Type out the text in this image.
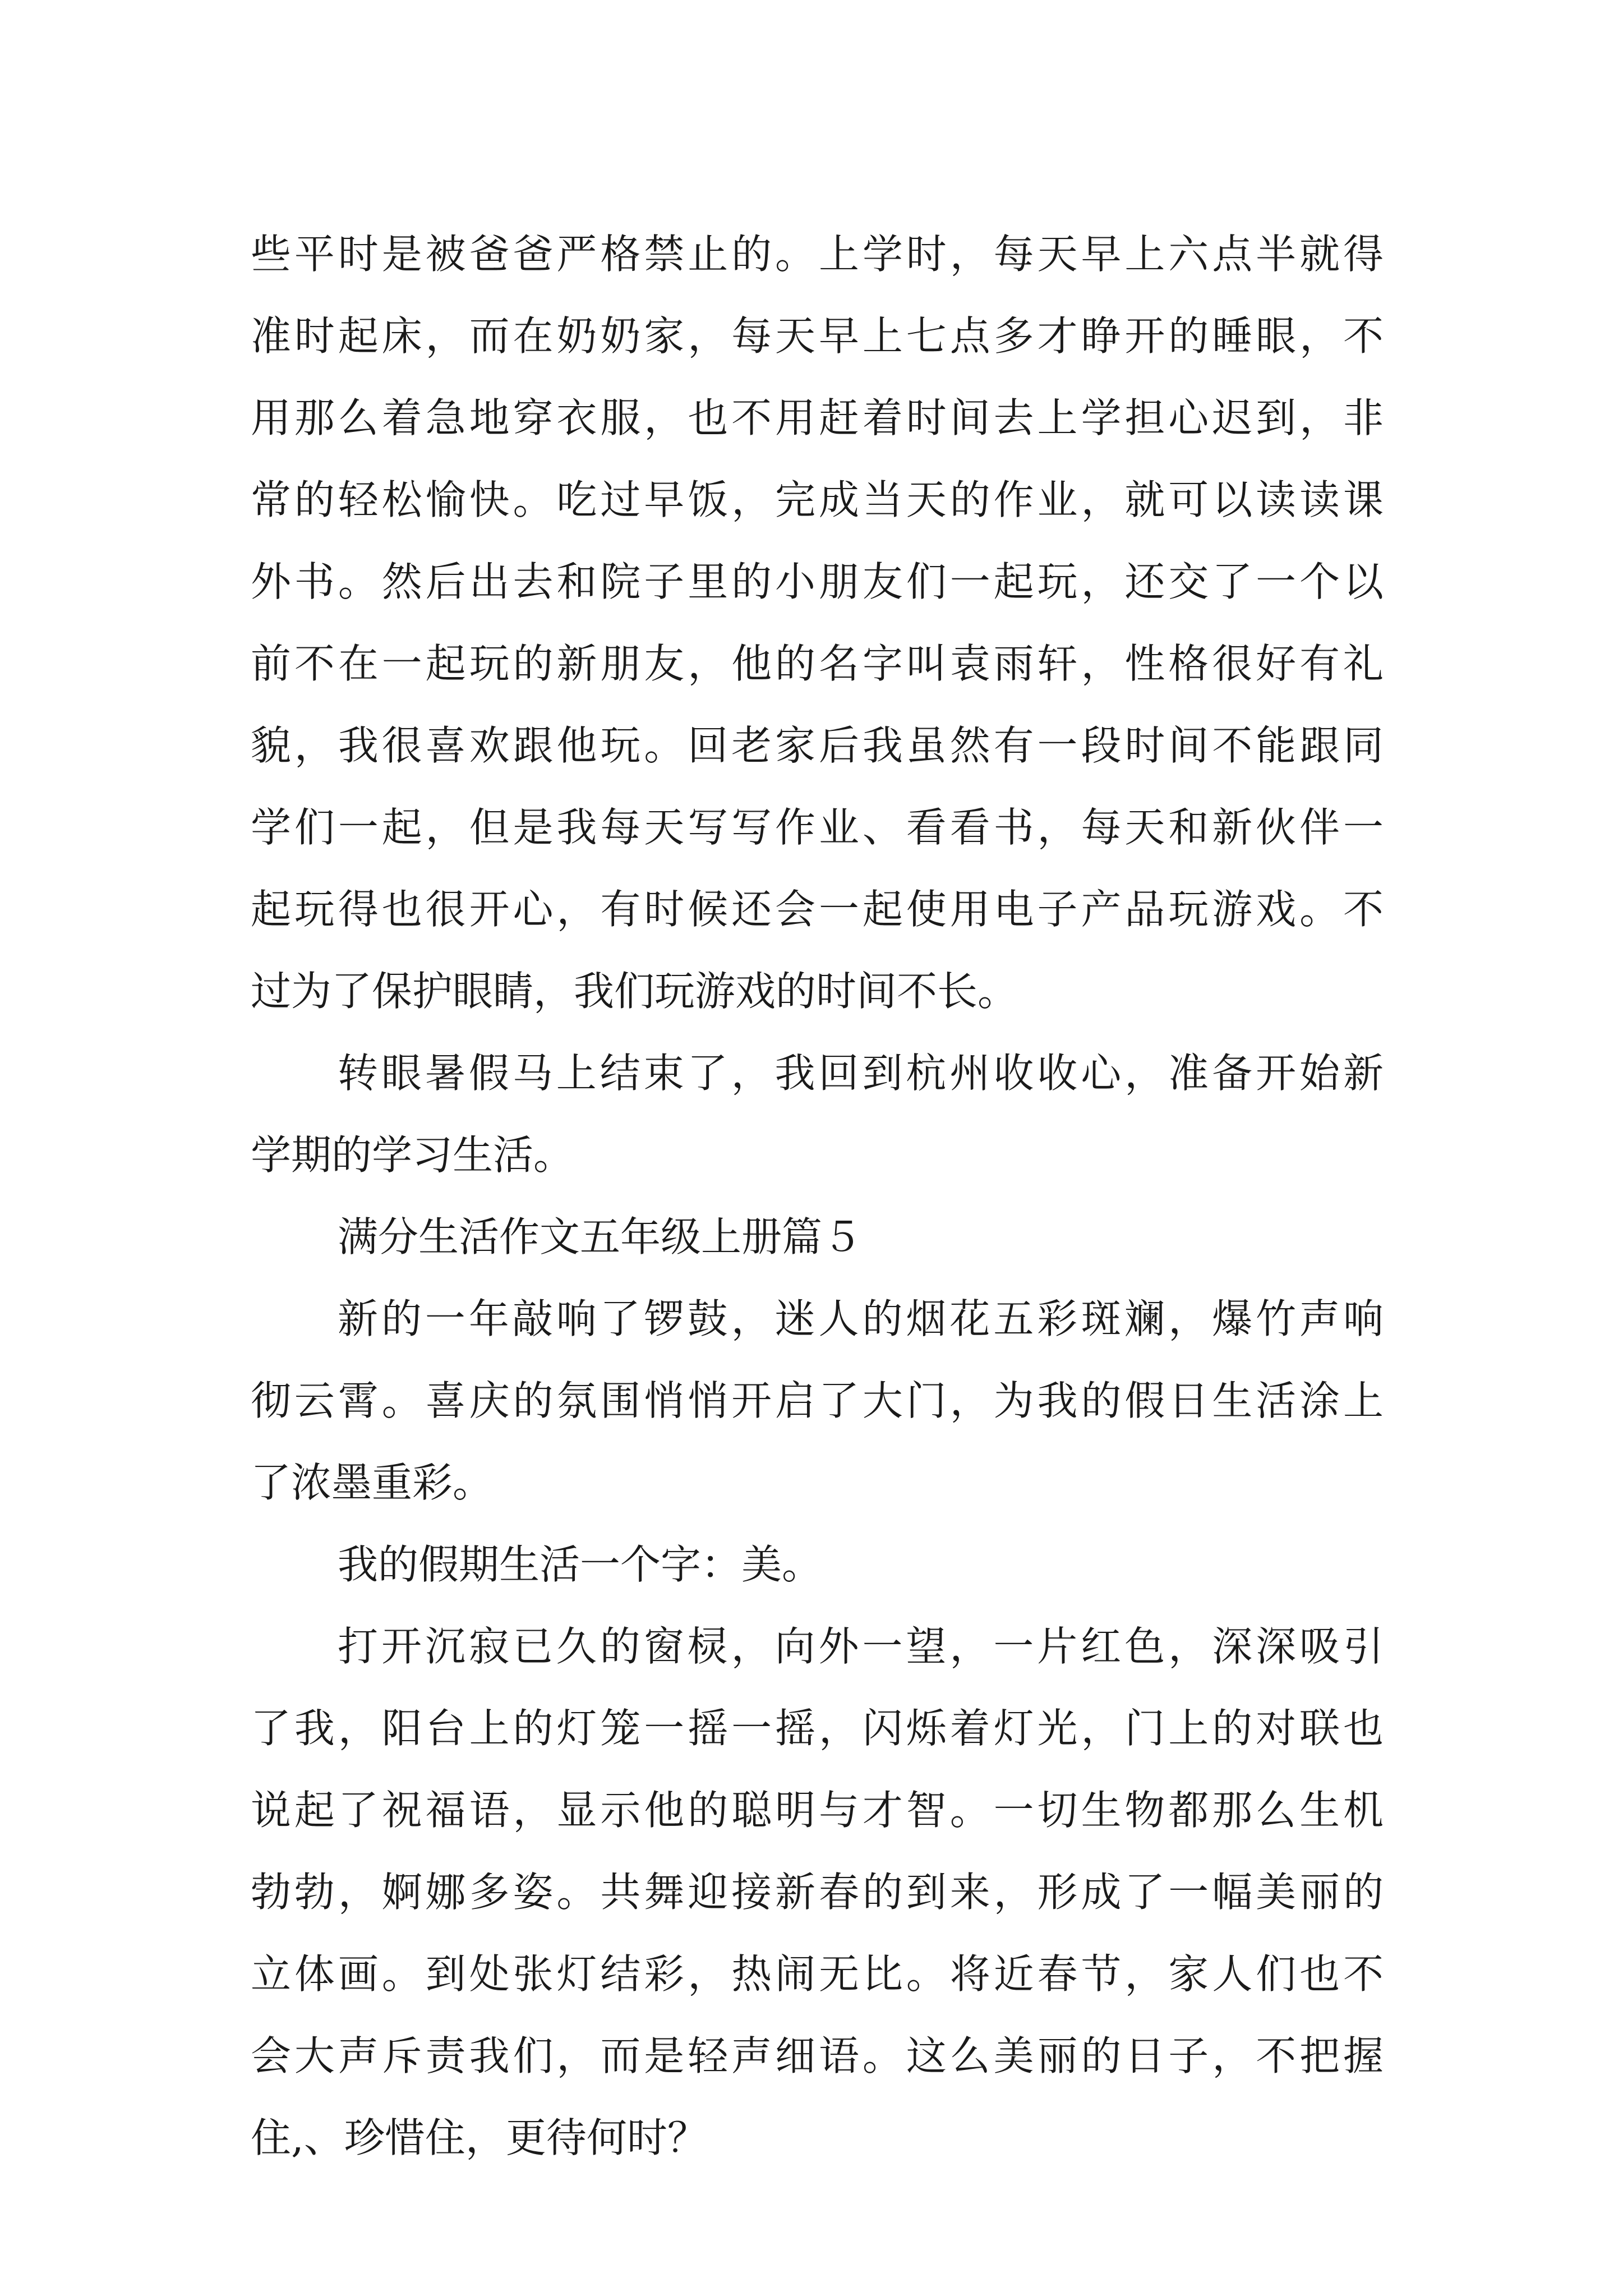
些平时是被爸爸严格禁止的。上学时，每天早上六点半就得
准时起床，而在奶奶家，每天早上七点多才睁开的睡眼，不
用那么着急地穿衣服，也不用赶着时间去上学担心迟到，非
常的轻松愉快。吃过早饭，完成当天的作业，就可以读读课
外书。然后出去和院子里的小朋友们一起玩，还交了一个以
前不在一起玩的新朋友，他的名字叫袁雨轩，性格很好有礼
貌，我很喜欢跟他玩。回老家后我虽然有一段时间不能跟同
学们一起，但是我每天写写作业、看看书，每天和新伙伴一
起玩得也很开心，有时候还会一起使用电子产品玩游戏。不
过为了保护眼睛，我们玩游戏的时间不长。
转眼暑假马上结束了，我回到杭州收收心，准备开始新
学期的学习生活。
满分生活作文五年级上册篇５
新的一年敲响了锣鼓，迷人的烟花五彩斑斓，爆竹声响
彻云霄。喜庆的氛围悄悄开启了大门，为我的假日生活涂上
了浓墨重彩。
我的假期生活一个字：美。
打开沉寂已久的窗棂，向外一望，一片红色，深深吸引
了我，阳台上的灯笼一摇一摇，闪烁着灯光，门上的对联也
说起了祝福语，显示他的聪明与才智。一切生物都那么生机
勃勃，婀娜多姿。共舞迎接新春的到来，形成了一幅美丽的
立体画。到处张灯结彩，热闹无比。将近春节，家人们也不
会大声斥责我们，而是轻声细语。这么美丽的日子，不把握
住,、珍惜住，更待何时？
